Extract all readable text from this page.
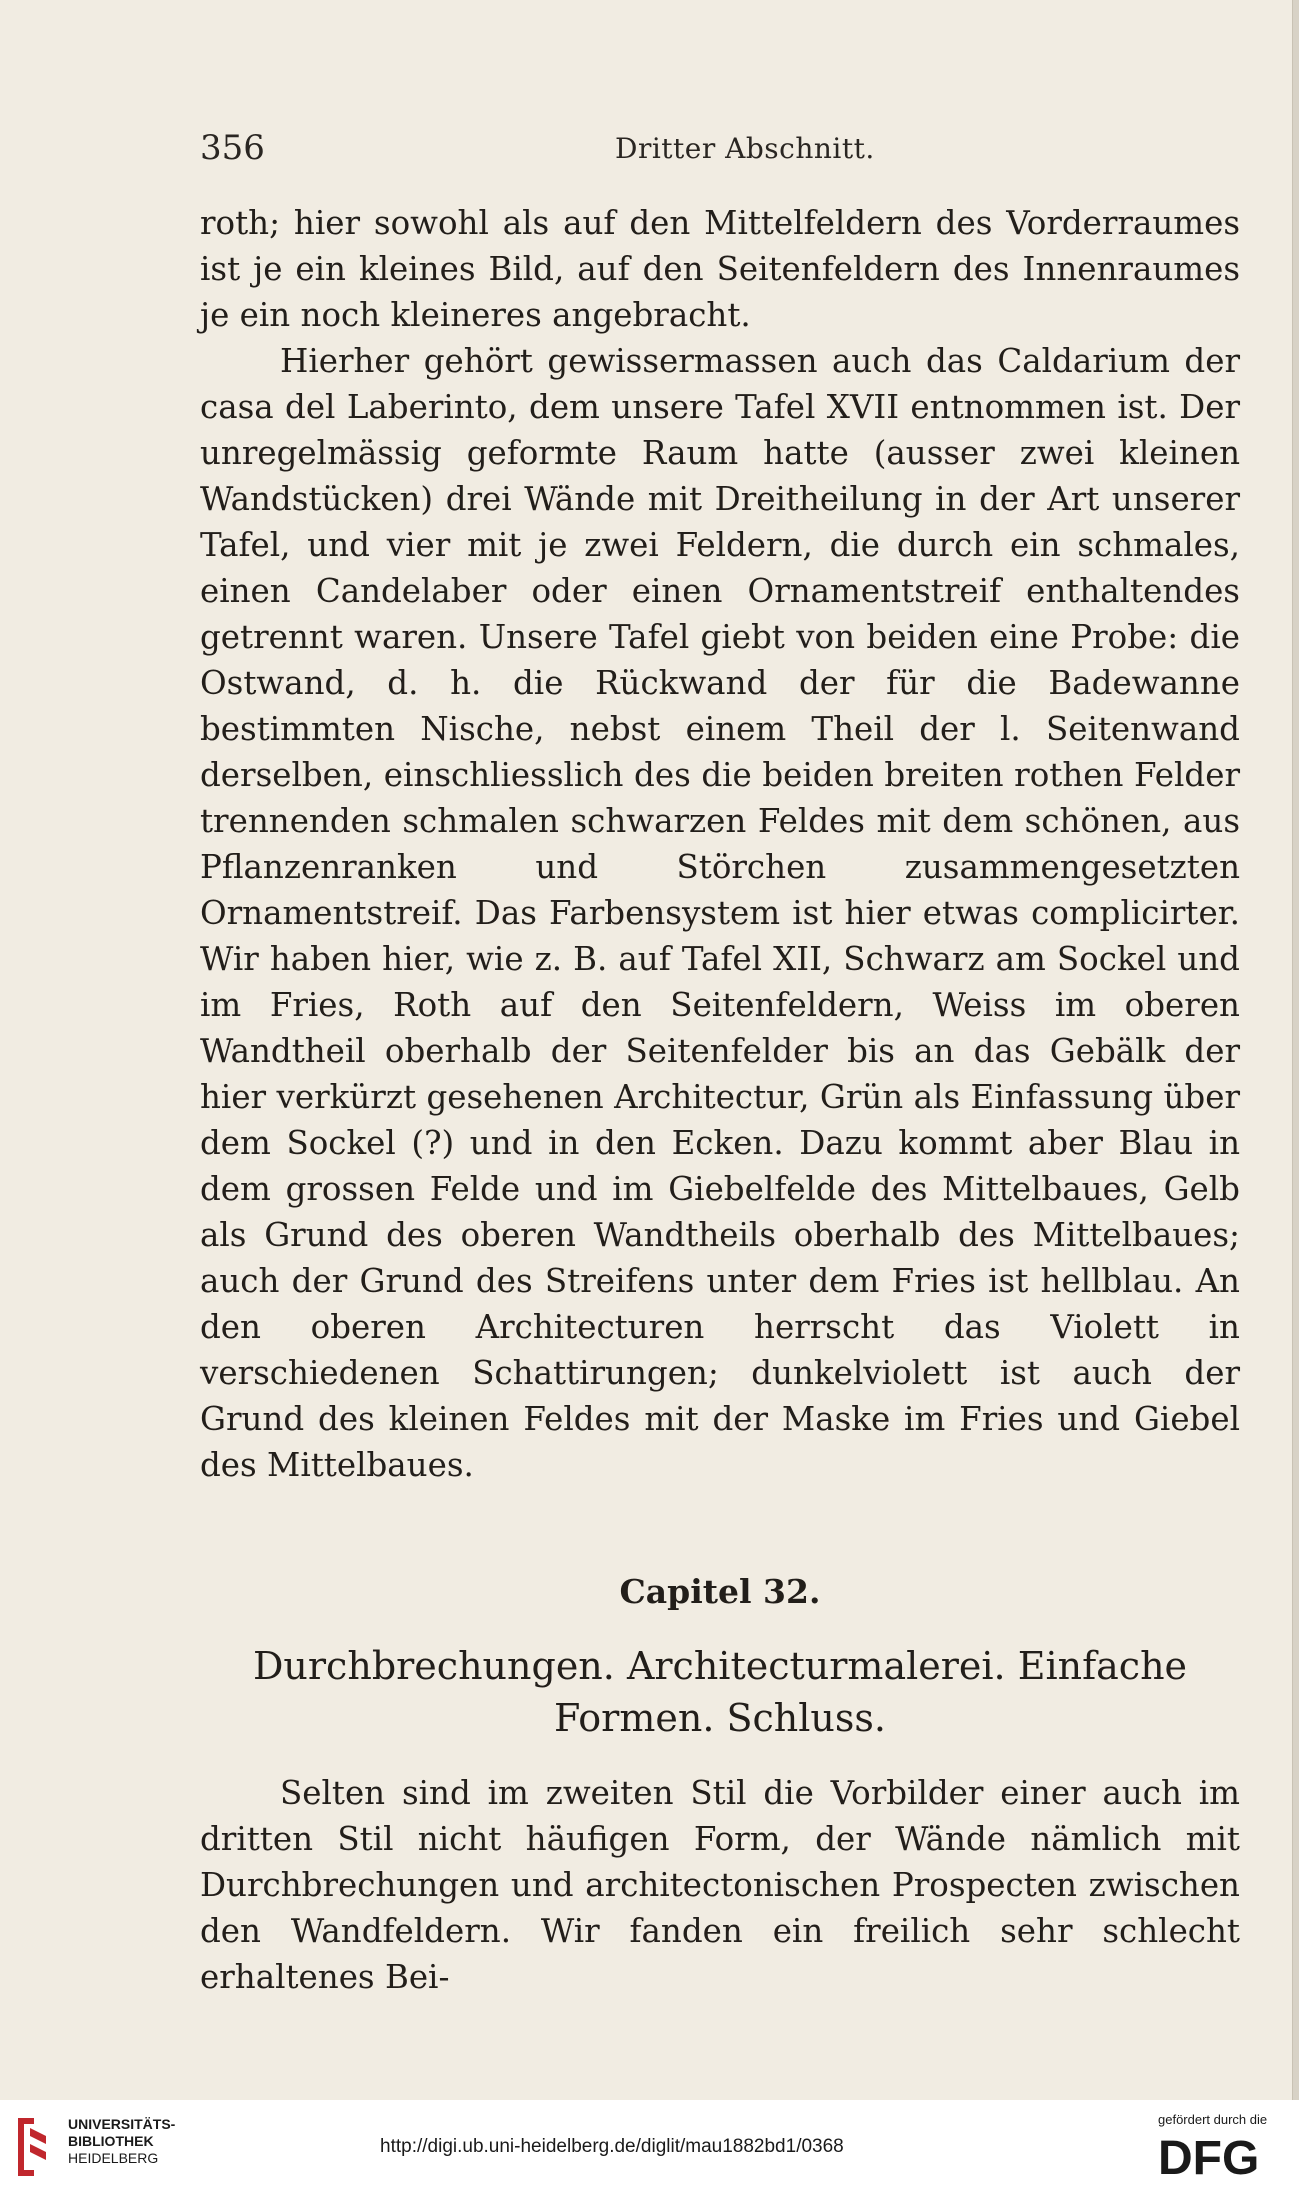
356	Dritter Abschnitt.

roth; hier sowohl als auf den Mittelfeldern des Vorderraumes ist je ein kleines Bild, auf den Seitenfeldern des Innenraumes je ein noch kleineres angebracht.

Hierher gehört gewissermassen auch das Caldarium der casa del Laberinto, dem unsere Tafel XVII entnommen ist. Der unregelmässig geformte Raum hatte (ausser zwei kleinen Wandstücken) drei Wände mit Dreitheilung in der Art unserer Tafel, und vier mit je zwei Feldern, die durch ein schmales, einen Candelaber oder einen Ornamentstreif enthaltendes getrennt waren. Unsere Tafel giebt von beiden eine Probe: die Ostwand, d. h. die Rückwand der für die Badewanne bestimmten Nische, nebst einem Theil der l. Seitenwand derselben, einschliesslich des die beiden breiten rothen Felder trennenden schmalen schwarzen Feldes mit dem schönen, aus Pflanzenranken und Störchen zusammengesetzten Ornamentstreif. Das Farbensystem ist hier etwas complicirter. Wir haben hier, wie z. B. auf Tafel XII, Schwarz am Sockel und im Fries, Roth auf den Seitenfeldern, Weiss im oberen Wandtheil oberhalb der Seitenfelder bis an das Gebälk der hier verkürzt gesehenen Architectur, Grün als Einfassung über dem Sockel (?) und in den Ecken. Dazu kommt aber Blau in dem grossen Felde und im Giebelfelde des Mittelbaues, Gelb als Grund des oberen Wandtheils oberhalb des Mittelbaues; auch der Grund des Streifens unter dem Fries ist hellblau. An den oberen Architecturen herrscht das Violett in verschiedenen Schattirungen; dunkelviolett ist auch der Grund des kleinen Feldes mit der Maske im Fries und Giebel des Mittelbaues.

Capitel 32.
Durchbrechungen. Architecturmalerei. Einfache
Formen. Schluss.

Selten sind im zweiten Stil die Vorbilder einer auch im dritten Stil nicht häufigen Form, der Wände nämlich mit Durchbrechungen und architectonischen Prospecten zwischen den Wandfeldern. Wir fanden ein freilich sehr schlecht erhaltenes Bei-

UNIVERSITÄTS-
BIBLIOTHEK
HEIDELBERG
http://digi.ub.uni-heidelberg.de/diglit/mau1882bd1/0368
gefördert durch die
DFG
